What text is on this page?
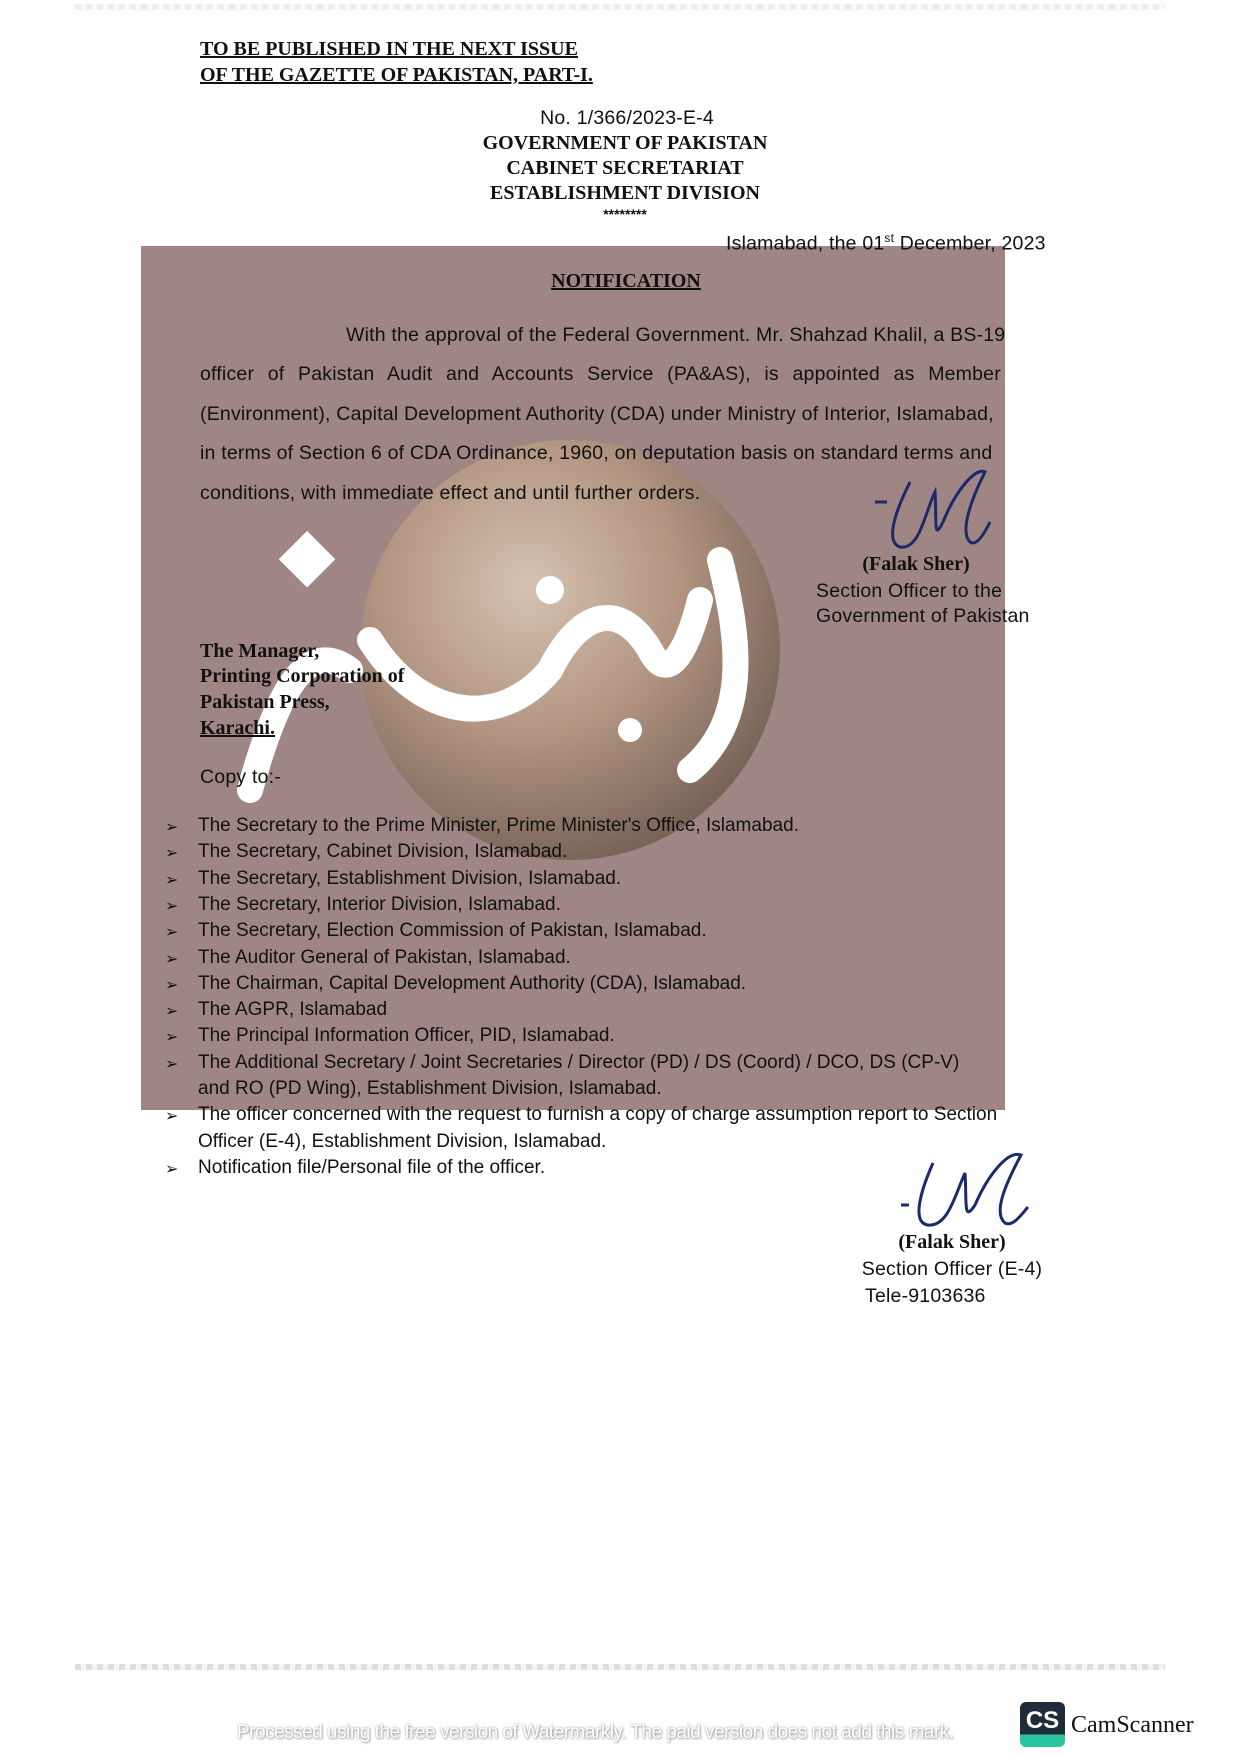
TO BE PUBLISHED IN THE NEXT ISSUE
OF THE GAZETTE OF PAKISTAN, PART-I.
No. 1/366/2023-E-4
GOVERNMENT OF PAKISTAN
CABINET SECRETARIAT
ESTABLISHMENT DIVISION
********
Islamabad, the 01st December, 2023
NOTIFICATION
With the approval of the Federal Government. Mr. Shahzad Khalil, a BS-19
officer of Pakistan Audit and Accounts Service (PA&AS), is appointed as Member
(Environment), Capital Development Authority (CDA) under Ministry of Interior, Islamabad,
in terms of Section 6 of CDA Ordinance, 1960, on deputation basis on standard terms and
conditions, with immediate effect and until further orders.
(Falak Sher)
Section Officer to the
Government of Pakistan
The Manager,
Printing Corporation of
Pakistan Press,
Karachi.
Copy to:-
➢ The Secretary to the Prime Minister, Prime Minister's Office, Islamabad.
➢ The Secretary, Cabinet Division, Islamabad.
➢ The Secretary, Establishment Division, Islamabad.
➢ The Secretary, Interior Division, Islamabad.
➢ The Secretary, Election Commission of Pakistan, Islamabad.
➢ The Auditor General of Pakistan, Islamabad.
➢ The Chairman, Capital Development Authority (CDA), Islamabad.
➢ The AGPR, Islamabad
➢ The Principal Information Officer, PID, Islamabad.
➢ The Additional Secretary / Joint Secretaries / Director (PD) / DS (Coord) / DCO, DS (CP-V)
and RO (PD Wing), Establishment Division, Islamabad.
➢ The officer concerned with the request to furnish a copy of charge assumption report to Section
Officer (E-4), Establishment Division, Islamabad.
➢ Notification file/Personal file of the officer.
(Falak Sher)
Section Officer (E-4)
Tele-9103636
Processed using the free version of Watermarkly. The paid version does not add this mark.	CS CamScanner
